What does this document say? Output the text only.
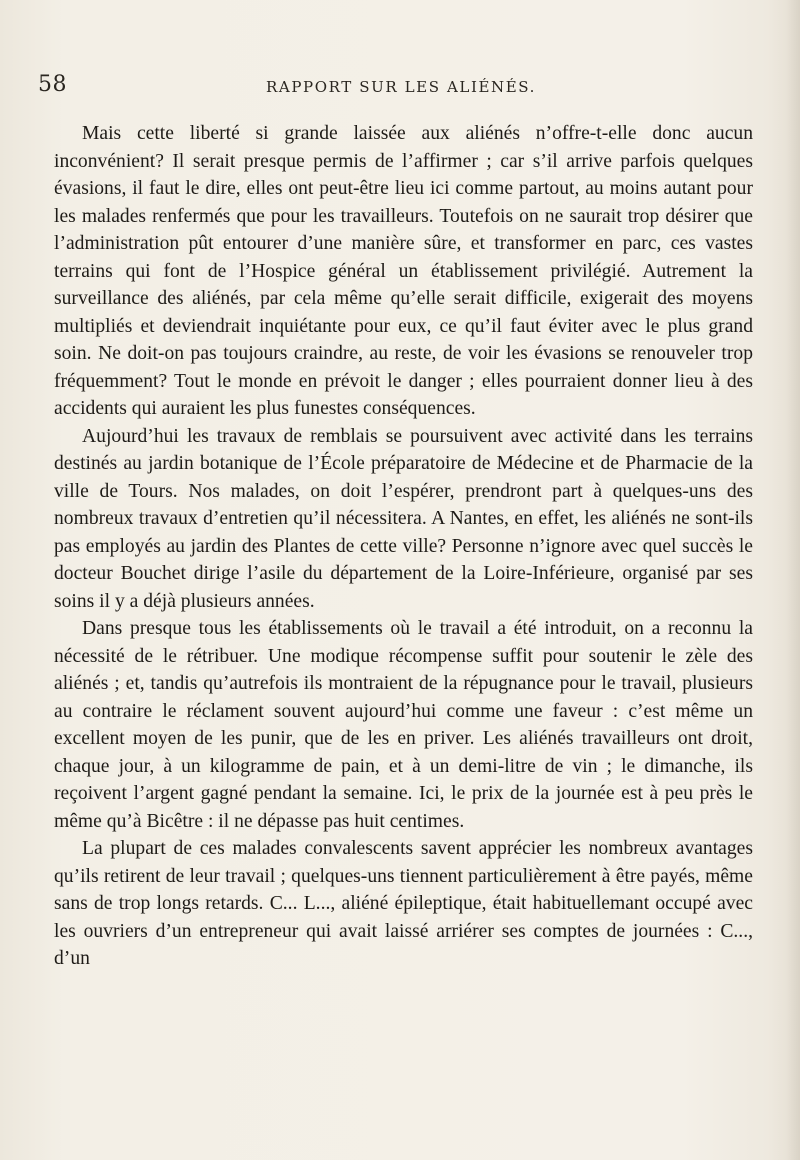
58	RAPPORT SUR LES ALIÉNÉS.

Mais cette liberté si grande laissée aux aliénés n’offre-t-elle donc aucun inconvénient? Il serait presque permis de l’affirmer ; car s’il arrive parfois quelques évasions, il faut le dire, elles ont peut-être lieu ici comme partout, au moins autant pour les malades renfermés que pour les travailleurs. Toutefois on ne saurait trop désirer que l’administration pût entourer d’une manière sûre, et transformer en parc, ces vastes terrains qui font de l’Hospice général un établissement privilégié. Autrement la surveillance des aliénés, par cela même qu’elle serait difficile, exigerait des moyens multipliés et deviendrait inquiétante pour eux, ce qu’il faut éviter avec le plus grand soin. Ne doit-on pas toujours craindre, au reste, de voir les évasions se renouveler trop fréquemment? Tout le monde en prévoit le danger ; elles pourraient donner lieu à des accidents qui auraient les plus funestes conséquences.

Aujourd’hui les travaux de remblais se poursuivent avec activité dans les terrains destinés au jardin botanique de l’École préparatoire de Médecine et de Pharmacie de la ville de Tours. Nos malades, on doit l’espérer, prendront part à quelques-uns des nombreux travaux d’entretien qu’il nécessitera. A Nantes, en effet, les aliénés ne sont-ils pas employés au jardin des Plantes de cette ville? Personne n’ignore avec quel succès le docteur Bouchet dirige l’asile du département de la Loire-Inférieure, organisé par ses soins il y a déjà plusieurs années.

Dans presque tous les établissements où le travail a été introduit, on a reconnu la nécessité de le rétribuer. Une modique récompense suffit pour soutenir le zèle des aliénés ; et, tandis qu’autrefois ils montraient de la répugnance pour le travail, plusieurs au contraire le réclament souvent aujourd’hui comme une faveur : c’est même un excellent moyen de les punir, que de les en priver. Les aliénés travailleurs ont droit, chaque jour, à un kilogramme de pain, et à un demi-litre de vin ; le dimanche, ils reçoivent l’argent gagné pendant la semaine. Ici, le prix de la journée est à peu près le même qu’à Bicêtre : il ne dépasse pas huit centimes.

La plupart de ces malades convalescents savent apprécier les nombreux avantages qu’ils retirent de leur travail ; quelques-uns tiennent particulièrement à être payés, même sans de trop longs retards. C... L..., aliéné épileptique, était habituellemant occupé avec les ouvriers d’un entrepreneur qui avait laissé arriérer ses comptes de journées : C..., d’un
